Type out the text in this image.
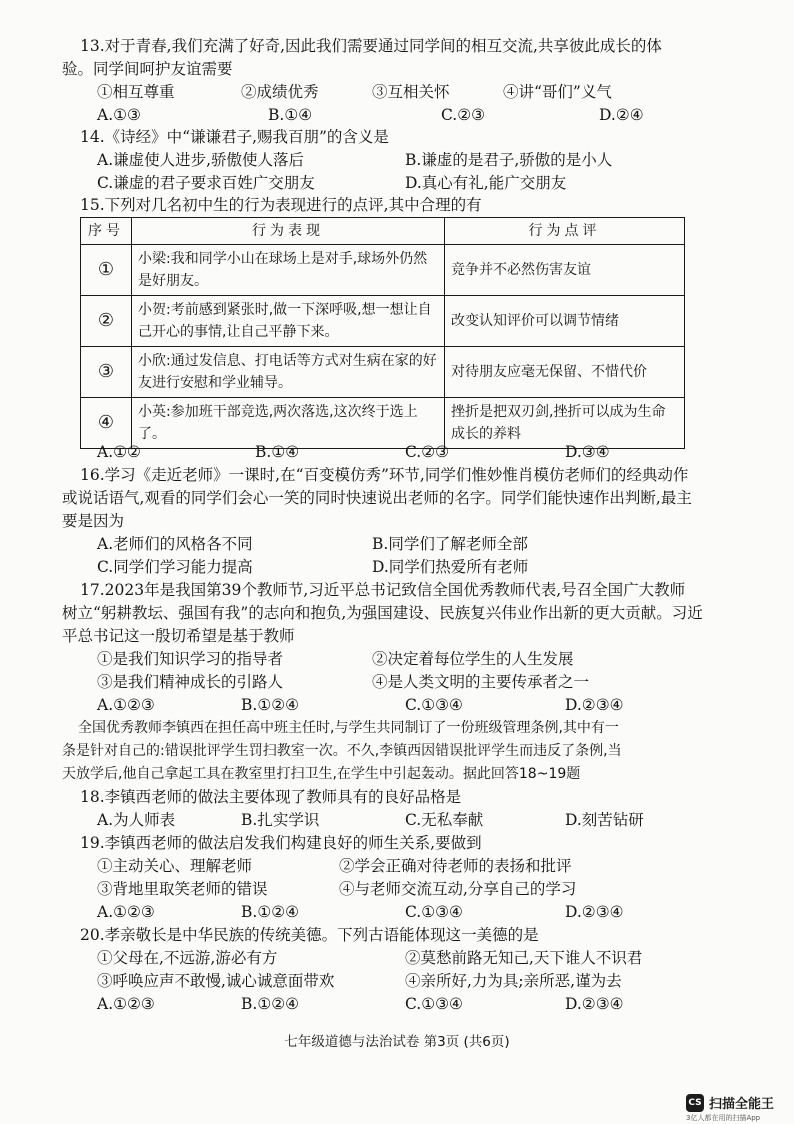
13.对于青春,我们充满了好奇,因此我们需要通过同学间的相互交流,共享彼此成长的体
验。同学间呵护友谊需要
①相互尊重	②成绩优秀	③互相关怀	④讲“哥们”义气
A.①③	B.①④	C.②③	D.②④
14.《诗经》中“谦谦君子,赐我百朋”的含义是
A.谦虚使人进步,骄傲使人落后	B.谦虚的是君子,骄傲的是小人
C.谦虚的君子要求百姓广交朋友	D.真心有礼,能广交朋友
15.下列对几名初中生的行为表现进行的点评,其中合理的有
序号	行为表现	行为点评
①	小梁:我和同学小山在球场上是对手,球场外仍然是好朋友。	竞争并不必然伤害友谊
②	小贺:考前感到紧张时,做一下深呼吸,想一想让自己开心的事情,让自己平静下来。	改变认知评价可以调节情绪
③	小欣:通过发信息、打电话等方式对生病在家的好友进行安慰和学业辅导。	对待朋友应毫无保留、不惜代价
④	小英:参加班干部竞选,两次落选,这次终于选上了。	挫折是把双刃剑,挫折可以成为生命成长的养料
A.①②	B.①④	C.②③	D.③④
16.学习《走近老师》一课时,在“百变模仿秀”环节,同学们惟妙惟肖模仿老师们的经典动作
或说话语气,观看的同学们会心一笑的同时快速说出老师的名字。同学们能快速作出判断,最主
要是因为
A.老师们的风格各不同	B.同学们了解老师全部
C.同学们学习能力提高	D.同学们热爱所有老师
17.2023年是我国第39个教师节,习近平总书记致信全国优秀教师代表,号召全国广大教师
树立“躬耕教坛、强国有我”的志向和抱负,为强国建设、民族复兴伟业作出新的更大贡献。习近
平总书记这一殷切希望是基于教师
①是我们知识学习的指导者	②决定着每位学生的人生发展
③是我们精神成长的引路人	④是人类文明的主要传承者之一
A.①②③	B.①②④	C.①③④	D.②③④
全国优秀教师李镇西在担任高中班主任时,与学生共同制订了一份班级管理条例,其中有一
条是针对自己的:错误批评学生罚扫教室一次。不久,李镇西因错误批评学生而违反了条例,当
天放学后,他自己拿起工具在教室里打扫卫生,在学生中引起轰动。据此回答18~19题
18.李镇西老师的做法主要体现了教师具有的良好品格是
A.为人师表	B.扎实学识	C.无私奉献	D.刻苦钻研
19.李镇西老师的做法启发我们构建良好的师生关系,要做到
①主动关心、理解老师	②学会正确对待老师的表扬和批评
③背地里取笑老师的错误	④与老师交流互动,分享自己的学习
A.①②③	B.①②④	C.①③④	D.②③④
20.孝亲敬长是中华民族的传统美德。下列古语能体现这一美德的是
①父母在,不远游,游必有方	②莫愁前路无知己,天下谁人不识君
③呼唤应声不敢慢,诚心诚意面带欢	④亲所好,力为具;亲所恶,谨为去
A.①②③	B.①②④	C.①③④	D.②③④
七年级道德与法治试卷 第3页 (共6页)
CS 扫描全能王
3亿人都在用的扫描App
